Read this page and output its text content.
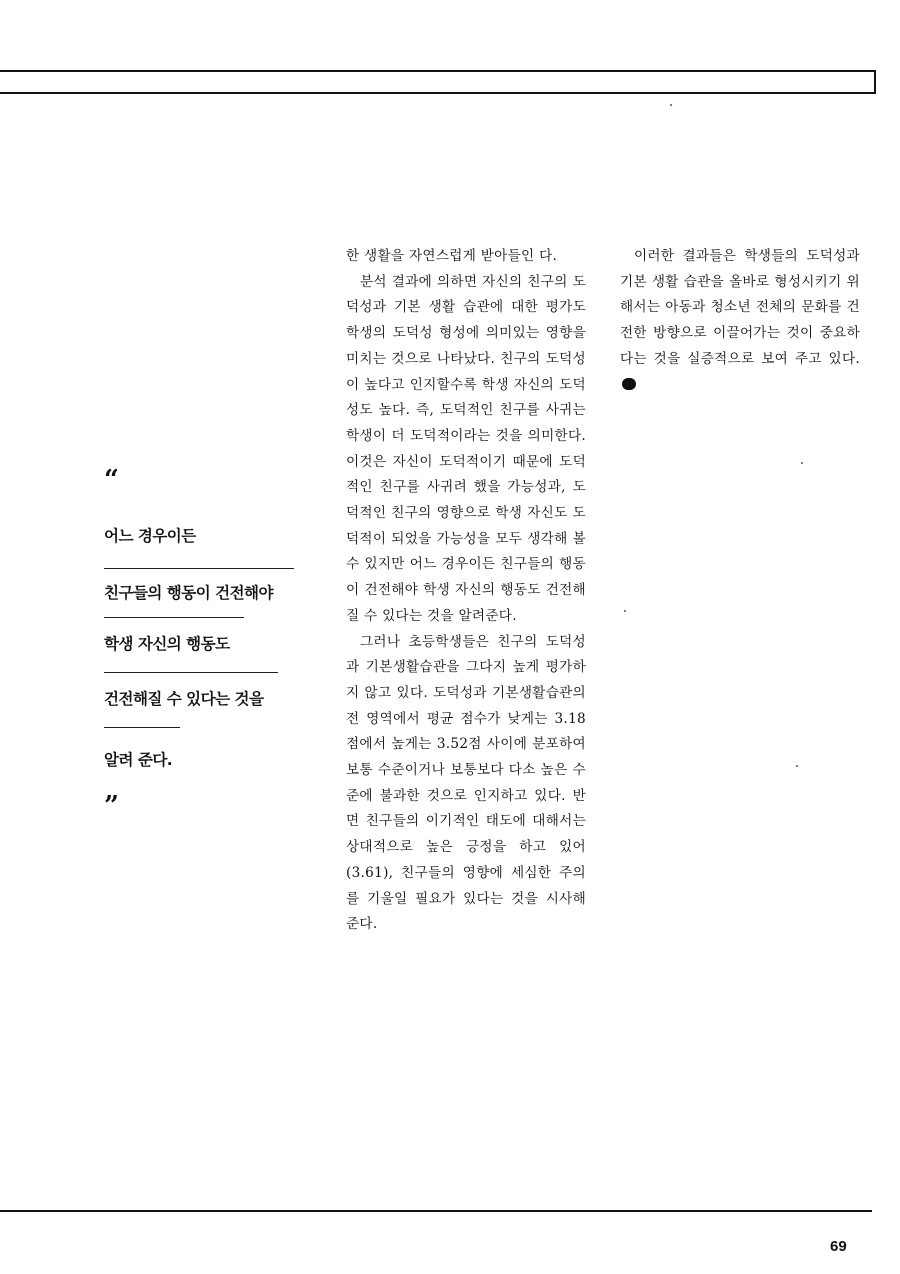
“
어느 경우이든
친구들의 행동이 건전해야
학생 자신의 행동도
건전해질 수 있다는 것을
알려 준다.
”

한 생활을 자연스럽게 받아들인 다.

분석 결과에 의하면 자신의 친구의 도덕성과 기본 생활 습관에 대한 평가도 학생의 도덕성 형성에 의미있는 영향을 미치는 것으로 나타났다. 친구의 도덕성이 높다고 인지할수록 학생 자신의 도덕성도 높다. 즉, 도덕적인 친구를 사귀는 학생이 더 도덕적이라는 것을 의미한다. 이것은 자신이 도덕적이기 때문에 도덕적인 친구를 사귀려 했을 가능성과, 도덕적인 친구의 영향으로 학생 자신도 도덕적이 되었을 가능성을 모두 생각해 볼 수 있지만 어느 경우이든 친구들의 행동이 건전해야 학생 자신의 행동도 건전해질 수 있다는 것을 알려준다.

그러나 초등학생들은 친구의 도덕성과 기본생활습관을 그다지 높게 평가하지 않고 있다. 도덕성과 기본생활습관의 전 영역에서 평균 점수가 낮게는 3.18점에서 높게는 3.52점 사이에 분포하여 보통 수준이거나 보통보다 다소 높은 수준에 불과한 것으로 인지하고 있다. 반면 친구들의 이기적인 태도에 대해서는 상대적으로 높은 긍정을 하고 있어(3.61), 친구들의 영향에 세심한 주의를 기울일 필요가 있다는 것을 시사해 준다.

이러한 결과들은 학생들의 도덕성과 기본 생활 습관을 올바로 형성시키기 위해서는 아동과 청소년 전체의 문화를 건전한 방향으로 이끌어가는 것이 중요하다는 것을 실증적으로 보여 주고 있다.

69
